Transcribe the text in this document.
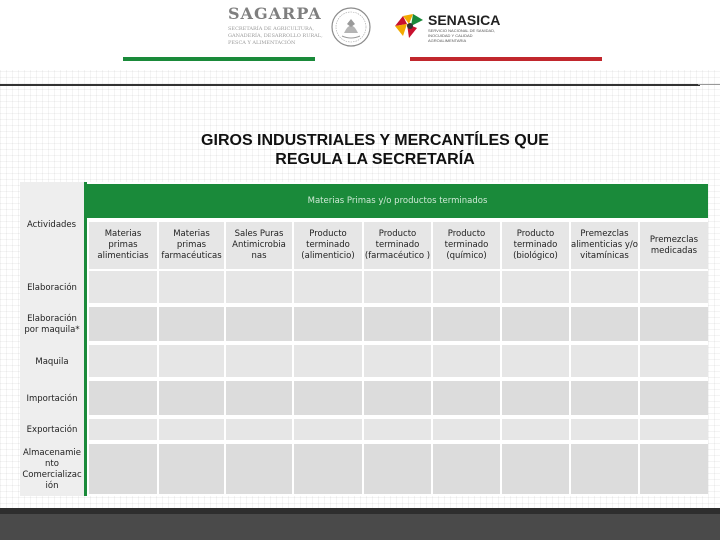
SAGARPA
SECRETARÍA DE AGRICULTURA,
GANADERÍA, DESARROLLO RURAL,
PESCA Y ALIMENTACIÓN
SENASICA
SERVICIO NACIONAL DE SANIDAD,
INOCUIDAD Y CALIDAD
AGROALIMENTARIA
GIROS INDUSTRIALES Y MERCANTÍLES QUE
REGULA LA SECRETARÍA
Actividades
Materias Primas y/o productos terminados
Materias primas alimenticias
Materias primas farmacéuticas
Sales Puras Antimicrobia nas
Producto terminado (alimenticio)
Producto terminado (farmacéutico )
Producto terminado (químico)
Producto terminado (biológico)
Premezclas alimenticias y/o vitamínicas
Premezclas medicadas
Elaboración
Elaboración por maquila*
Maquila
Importación
Exportación
Almacenamie nto Comercializac ión
